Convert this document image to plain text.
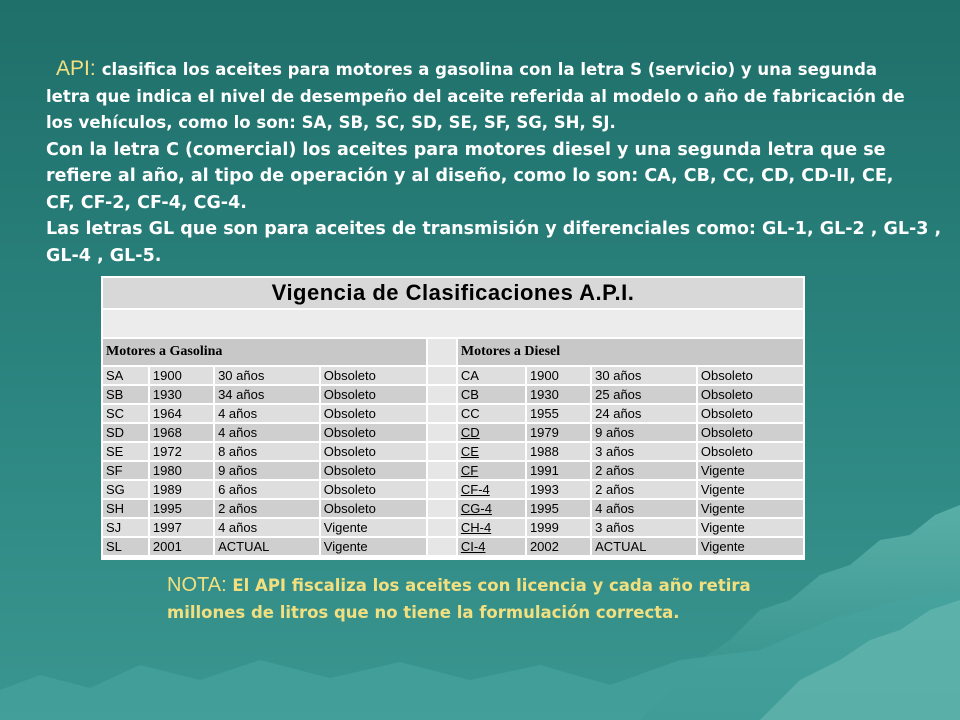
API: clasifica los aceites para motores a gasolina con la letra S (servicio) y una segunda letra que indica el nivel de desempeño del aceite referida al modelo o año de fabricación de los vehículos, como lo son: SA, SB, SC, SD, SE, SF, SG, SH, SJ.

Con la letra C (comercial) los aceites para motores diesel y una segunda letra que se refiere al año, al tipo de operación y al diseño, como lo son: CA, CB, CC, CD, CD-II, CE, CF, CF-2, CF-4, CG-4.

Las letras GL que son para aceites de transmisión y diferenciales como: GL-1, GL-2 , GL-3 ,

GL-4 , GL-5.

Vigencia de Clasificaciones A.P.I.								

Motores a Gasolina					Motores a Diesel			
SA	1900	30 años	Obsoleto		CA	1900	30 años	Obsoleto
SB	1930	34 años	Obsoleto		CB	1930	25 años	Obsoleto
SC	1964	4 años	Obsoleto		CC	1955	24 años	Obsoleto
SD	1968	4 años	Obsoleto		CD	1979	9 años	Obsoleto
SE	1972	8 años	Obsoleto		CE	1988	3 años	Obsoleto
SF	1980	9 años	Obsoleto		CF	1991	2 años	Vigente
SG	1989	6 años	Obsoleto		CF-4	1993	2 años	Vigente
SH	1995	2 años	Obsoleto		CG-4	1995	4 años	Vigente
SJ	1997	4 años	Vigente		CH-4	1999	3 años	Vigente
SL	2001	ACTUAL	Vigente		CI-4	2002	ACTUAL	Vigente
NOTA: El API fiscaliza los aceites con licencia y cada año retira millones de litros que no tiene la formulación correcta.
